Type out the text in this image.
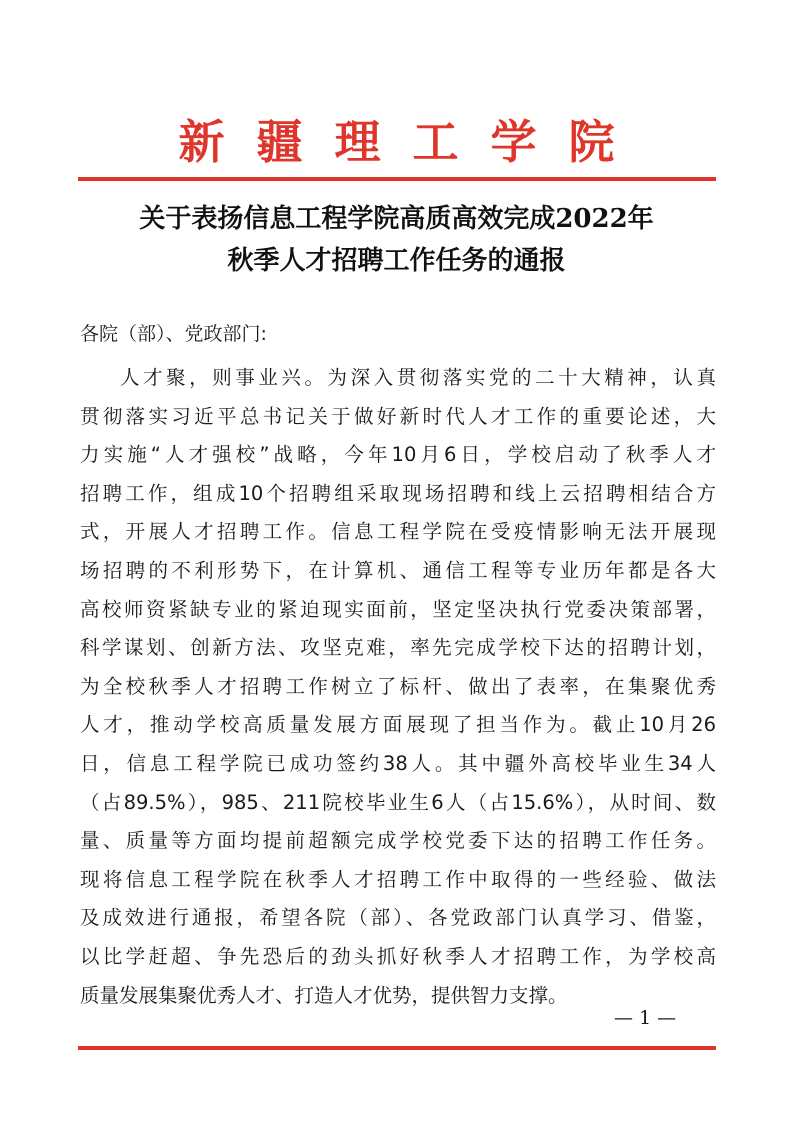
新疆理工学院
关于表扬信息工程学院高质高效完成2022年
秋季人才招聘工作任务的通报
各院（部）、党政部门:
人才聚，则事业兴。为深入贯彻落实党的二十大精神，认真
贯彻落实习近平总书记关于做好新时代人才工作的重要论述，大
力实施“人才强校”战略，今年10月6日，学校启动了秋季人才
招聘工作，组成10个招聘组采取现场招聘和线上云招聘相结合方
式，开展人才招聘工作。信息工程学院在受疫情影响无法开展现
场招聘的不利形势下，在计算机、通信工程等专业历年都是各大
高校师资紧缺专业的紧迫现实面前，坚定坚决执行党委决策部署，
科学谋划、创新方法、攻坚克难，率先完成学校下达的招聘计划，
为全校秋季人才招聘工作树立了标杆、做出了表率，在集聚优秀
人才，推动学校高质量发展方面展现了担当作为。截止10月26
日，信息工程学院已成功签约38人。其中疆外高校毕业生34人
（占89.5%），985、211院校毕业生6人（占15.6%），从时间、数
量、质量等方面均提前超额完成学校党委下达的招聘工作任务。
现将信息工程学院在秋季人才招聘工作中取得的一些经验、做法
及成效进行通报，希望各院（部）、各党政部门认真学习、借鉴，
以比学赶超、争先恐后的劲头抓好秋季人才招聘工作，为学校高
质量发展集聚优秀人才、打造人才优势，提供智力支撑。
— 1 —
